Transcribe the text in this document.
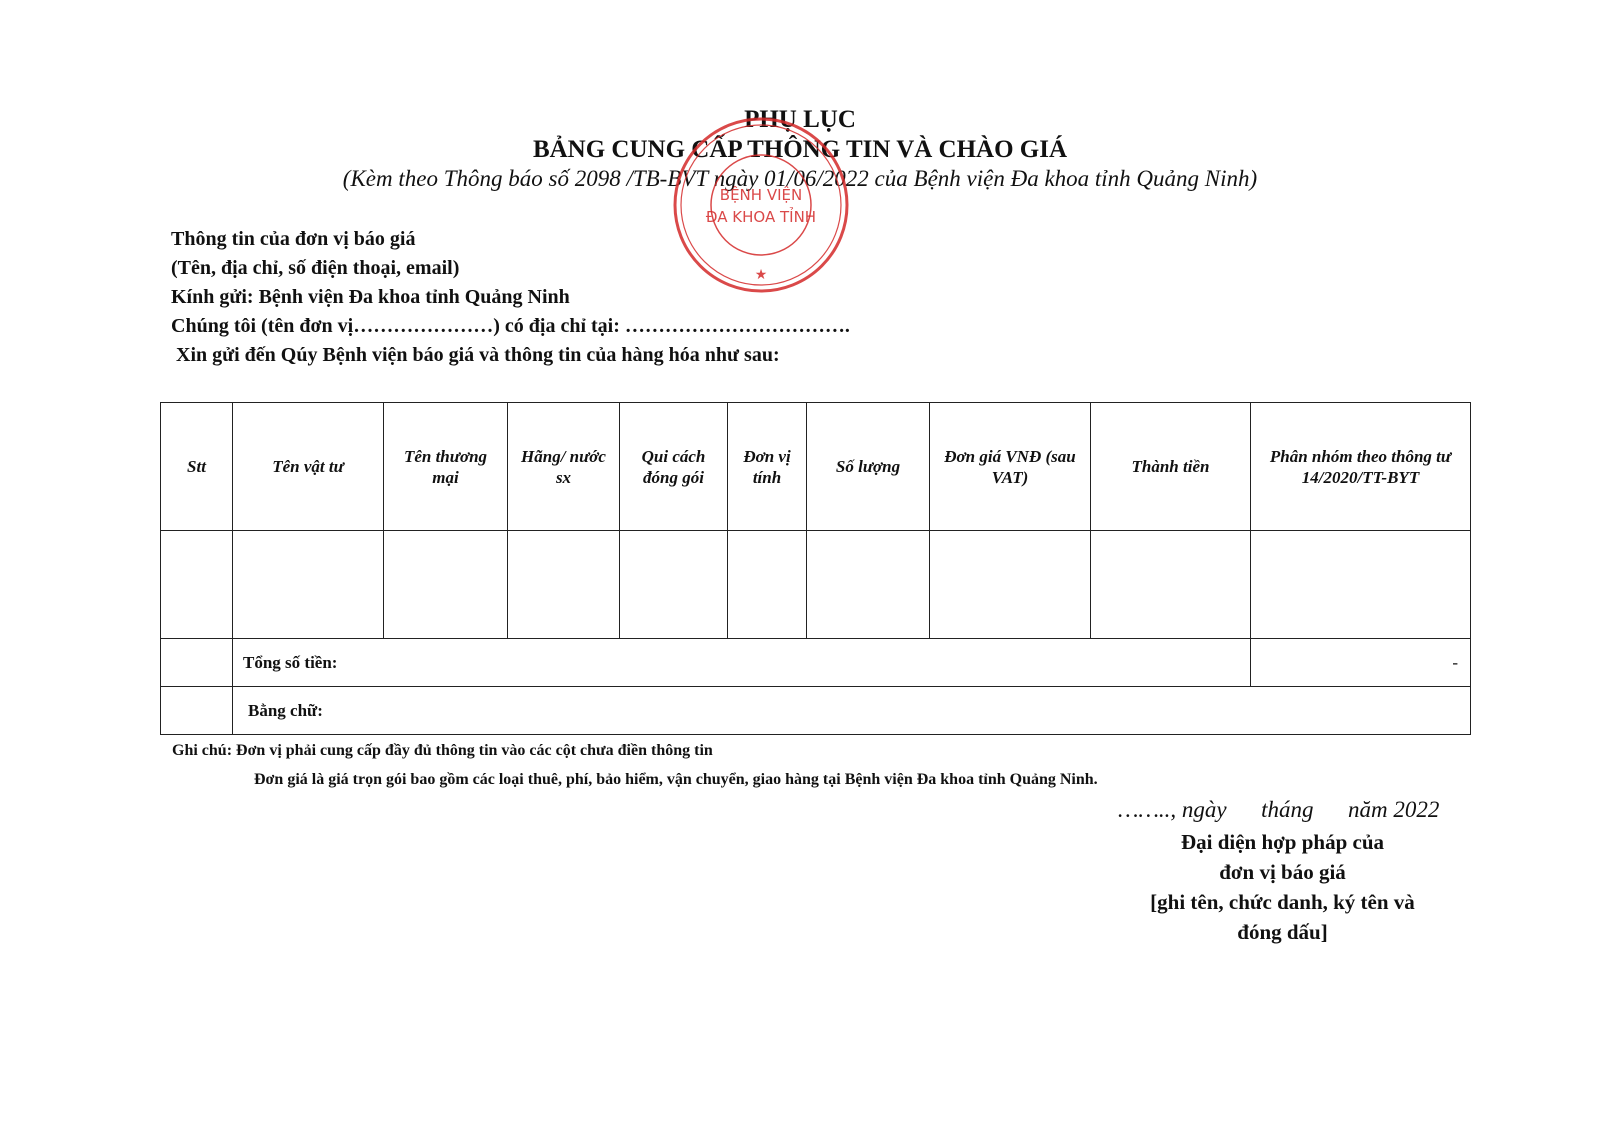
PHỤ LỤC
BẢNG CUNG CẤP THÔNG TIN VÀ CHÀO GIÁ
(Kèm theo Thông báo số 2098 /TB-BVT ngày 01/06/2022 của Bệnh viện Đa khoa tỉnh Quảng Ninh)
Thông tin của đơn vị báo giá
(Tên, địa chỉ, số điện thoại, email)
Kính gửi: Bệnh viện Đa khoa tỉnh Quảng Ninh
Chúng tôi (tên đơn vị…………………) có địa chỉ tại: …………………………….
Xin gửi đến Qúy Bệnh viện báo giá và thông tin của hàng hóa như sau:
Stt	Tên vật tư	Tên thương mại	Hãng/ nước sx	Qui cách đóng gói	Đơn vị tính	Số lượng	Đơn giá VNĐ (sau VAT)	Thành tiền	Phân nhóm theo thông tư 14/2020/TT-BYT

	Tổng số tiền:								-
	Bằng chữ:								
Ghi chú: Đơn vị phải cung cấp đầy đủ thông tin vào các cột chưa điền thông tin
Đơn giá là giá trọn gói bao gồm các loại thuê, phí, bảo hiểm, vận chuyển, giao hàng tại Bệnh viện Đa khoa tỉnh Quảng Ninh.
…….., ngày      tháng      năm 2022
Đại diện hợp pháp của
đơn vị báo giá
[ghi tên, chức danh, ký tên và
đóng dấu]
BỆNH VIỆN
ĐA KHOA TỈNH
★
